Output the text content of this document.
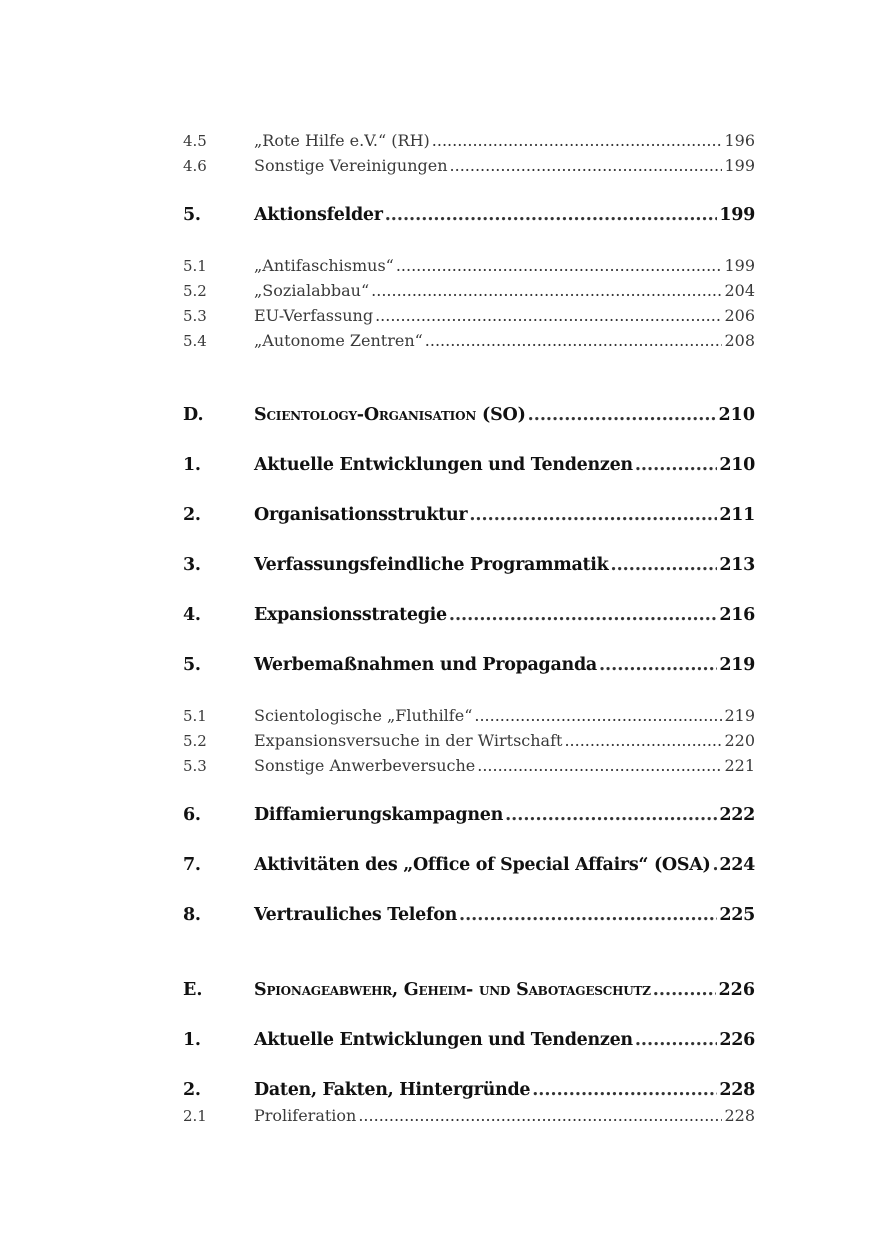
4.5	„Rote Hilfe e.V.“ (RH) .....	196
4.6	Sonstige Vereinigungen .....	199
5.	Aktionsfelder .....	199
5.1	„Antifaschismus“ .....	199
5.2	„Sozialabbau“ .....	204
5.3	EU-Verfassung .....	206
5.4	„Autonome Zentren“ .....	208
D.	Scientology-Organisation (SO) .....	210
1.	Aktuelle Entwicklungen und Tendenzen .....	210
2.	Organisationsstruktur .....	211
3.	Verfassungsfeindliche Programmatik .....	213
4.	Expansionsstrategie .....	216
5.	Werbemaßnahmen und Propaganda .....	219
5.1	Scientologische „Fluthilfe“ .....	219
5.2	Expansionsversuche in der Wirtschaft .....	220
5.3	Sonstige Anwerbeversuche .....	221
6.	Diffamierungskampagnen .....	222
7.	Aktivitäten des „Office of Special Affairs“ (OSA) ..... 224
8.	Vertrauliches Telefon .....	225
E.	Spionageabwehr, Geheim- und Sabotageschutz .....	226
1.	Aktuelle Entwicklungen und Tendenzen .....	226
2.	Daten, Fakten, Hintergründe .....	228
2.1	Proliferation .....	228
